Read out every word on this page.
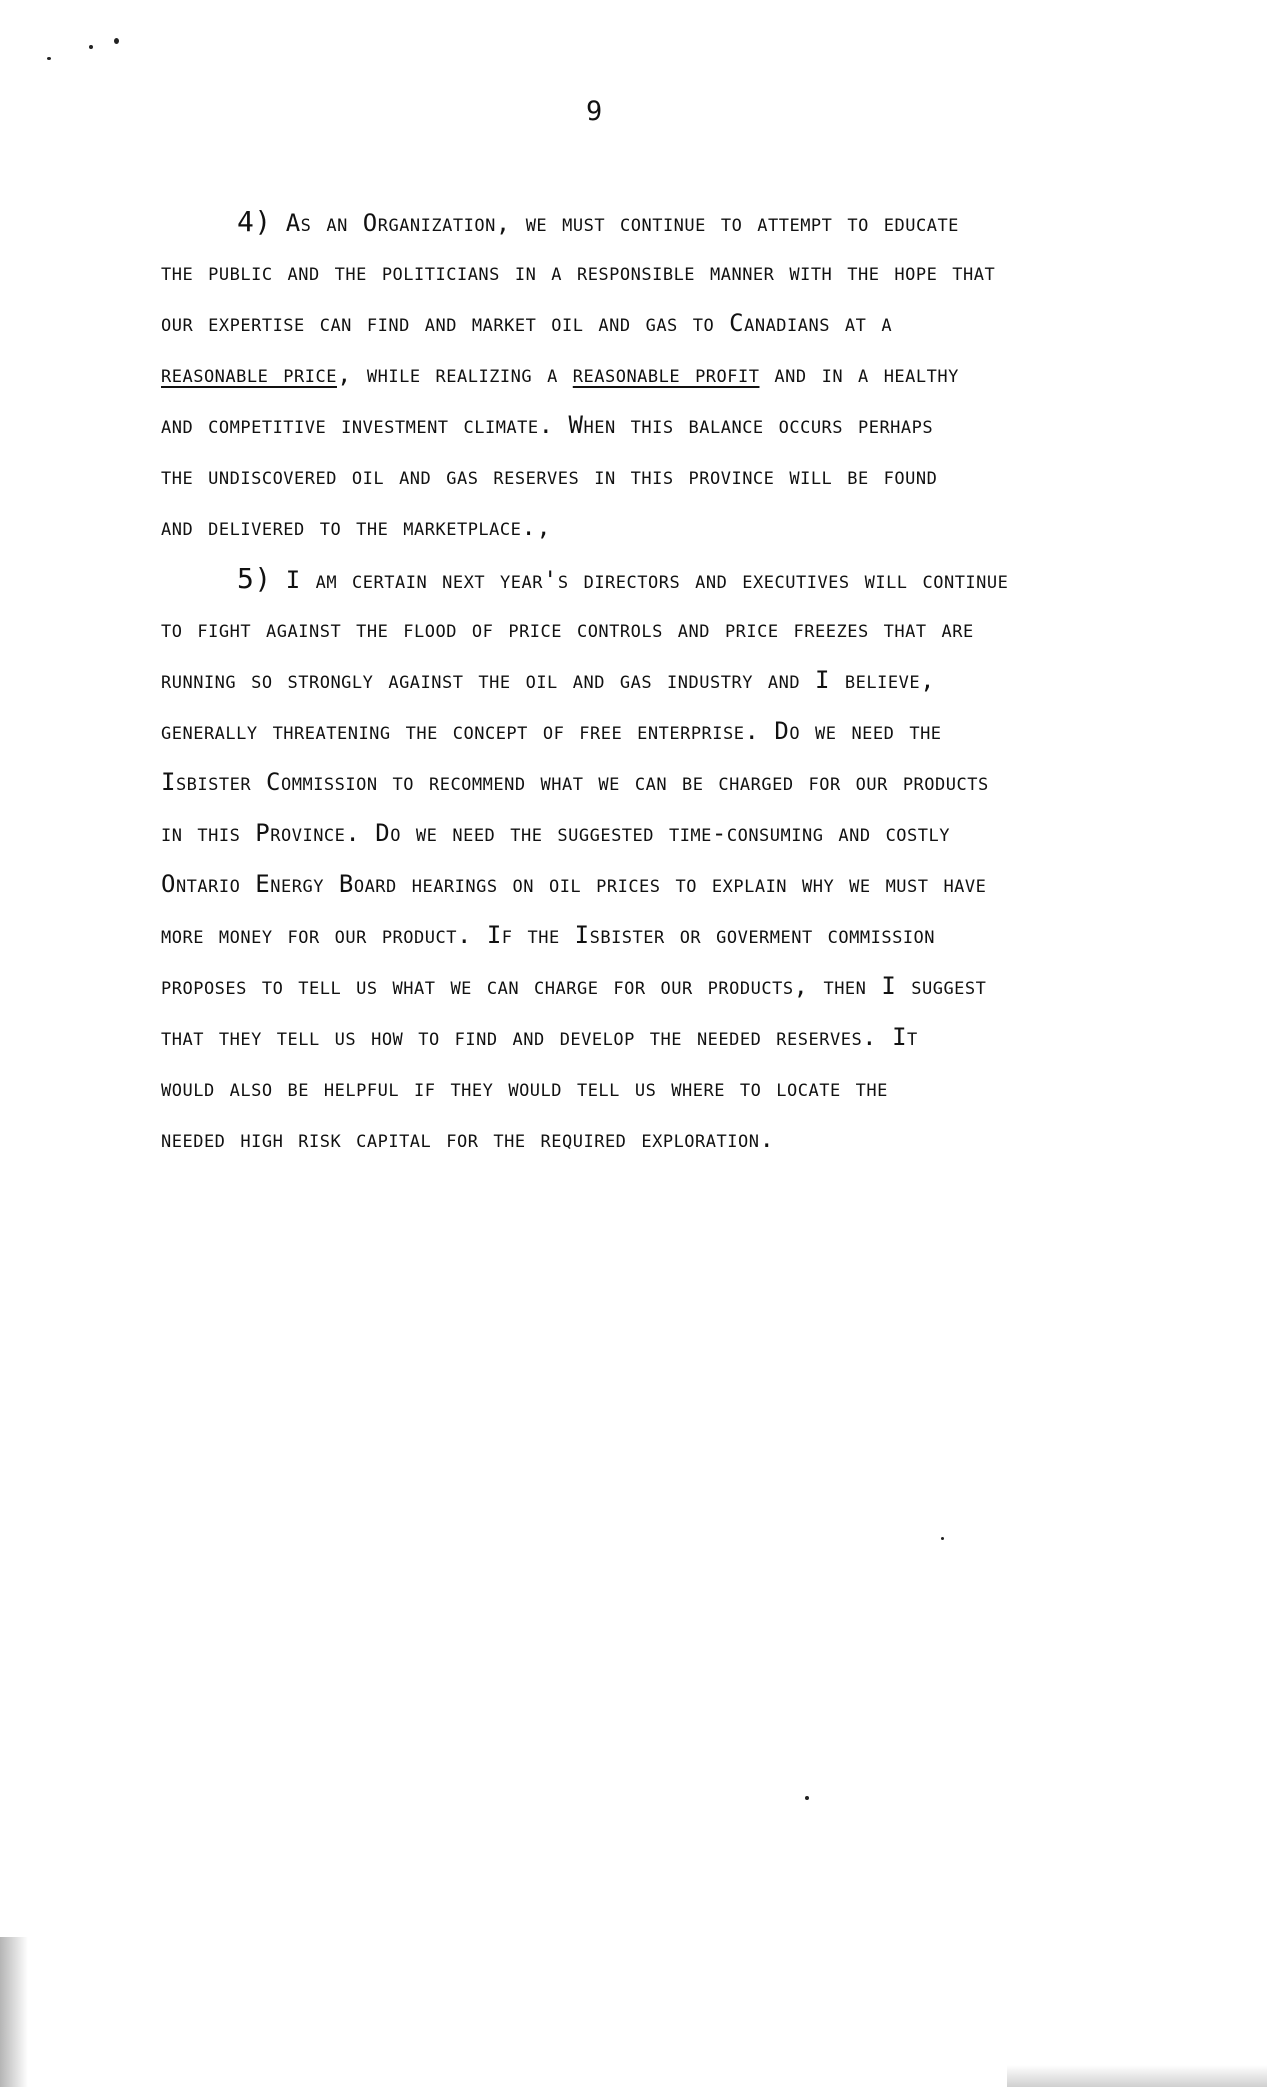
9
4) As an Organization, we must continue to attempt to educate
the public and the politicians in a responsible manner with the hope that
our expertise can find and market oil and gas to Canadians at a
reasonable price, while realizing a reasonable profit and in a healthy
and competitive investment climate. When this balance occurs perhaps
the undiscovered oil and gas reserves in this province will be found
and delivered to the marketplace.,
5) I am certain next year's directors and executives will continue
to fight against the flood of price controls and price freezes that are
running so strongly against the oil and gas industry and I believe,
generally threatening the concept of free enterprise. Do we need the
Isbister Commission to recommend what we can be charged for our products
in this Province. Do we need the suggested time-consuming and costly
Ontario Energy Board hearings on oil prices to explain why we must have
more money for our product. If the Isbister or goverment commission
proposes to tell us what we can charge for our products, then I suggest
that they tell us how to find and develop the needed reserves. It
would also be helpful if they would tell us where to locate the
needed high risk capital for the required exploration.
